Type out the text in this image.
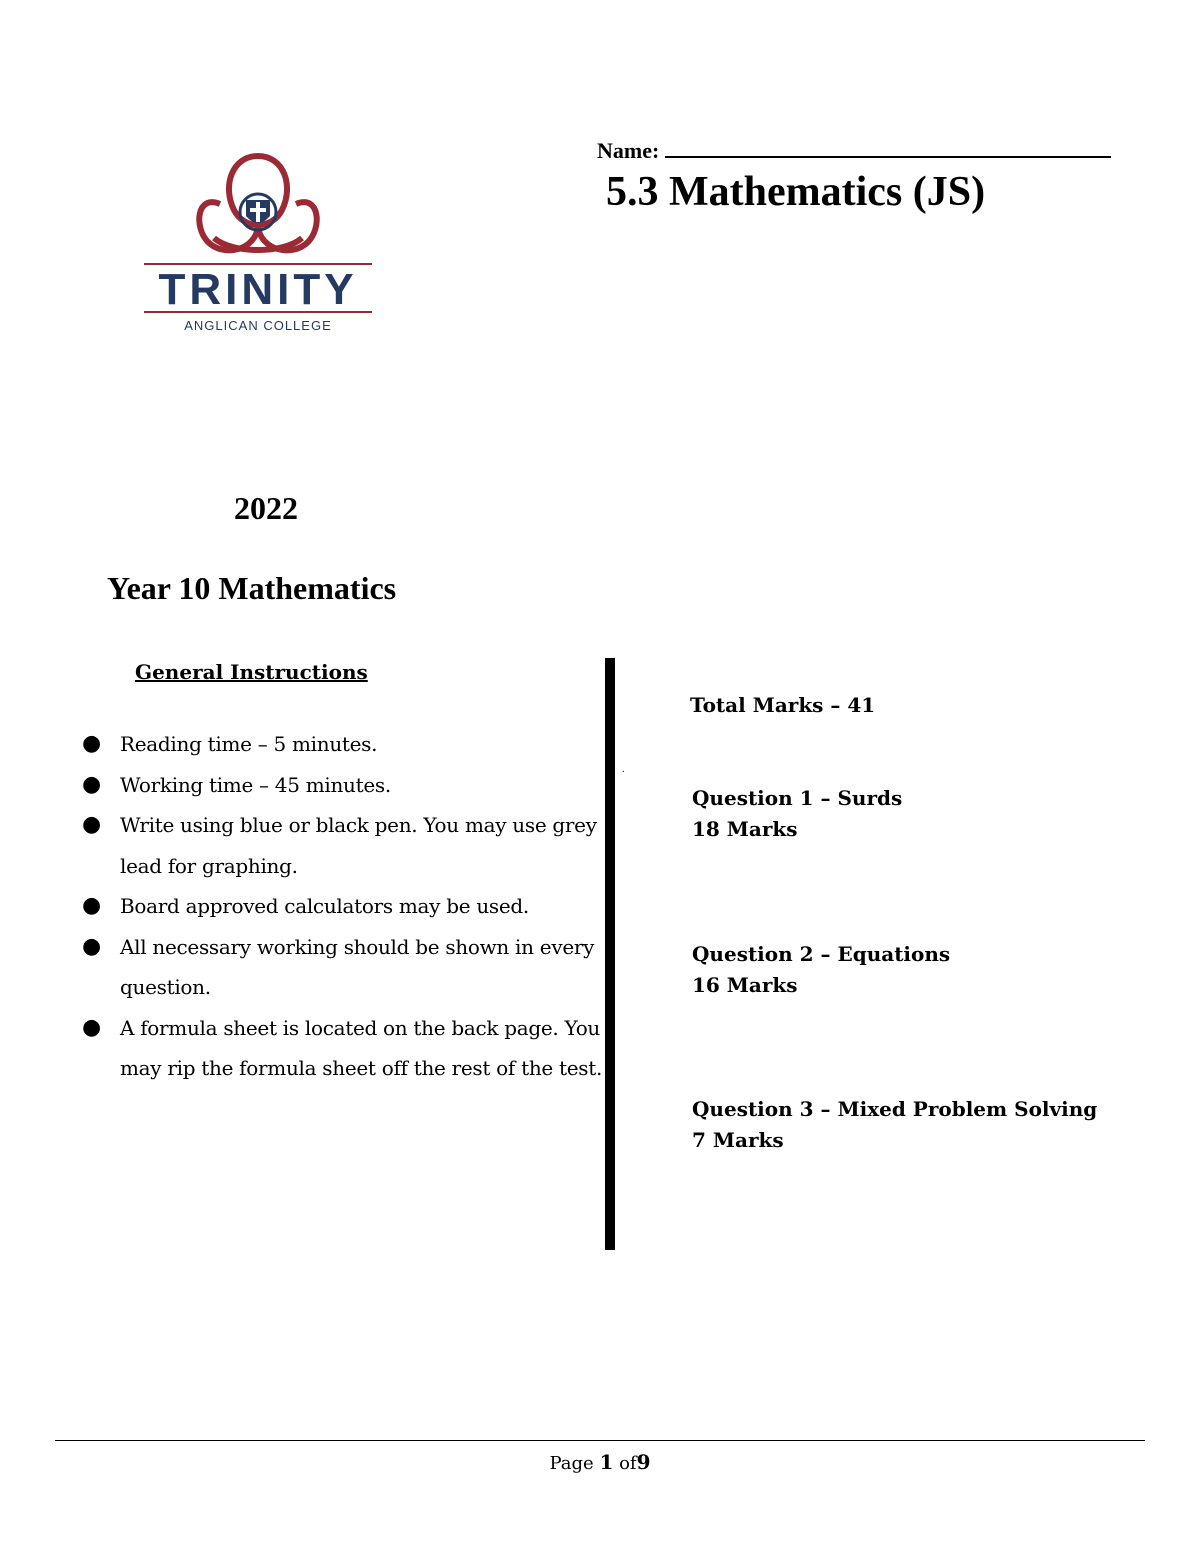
TRINITY
ANGLICAN COLLEGE
Name:
5.3 Mathematics (JS)
2022
Year 10 Mathematics
General Instructions
● Reading time – 5 minutes.
● Working time – 45 minutes.
● Write using blue or black pen. You may use grey lead for graphing.
● Board approved calculators may be used.
● All necessary working should be shown in every question.
● A formula sheet is located on the back page. You may rip the formula sheet off the rest of the test.
.
Total Marks – 41
Question 1 – Surds
18 Marks
Question 2 – Equations
16 Marks
Question 3 – Mixed Problem Solving
7 Marks
Page 1 of9
